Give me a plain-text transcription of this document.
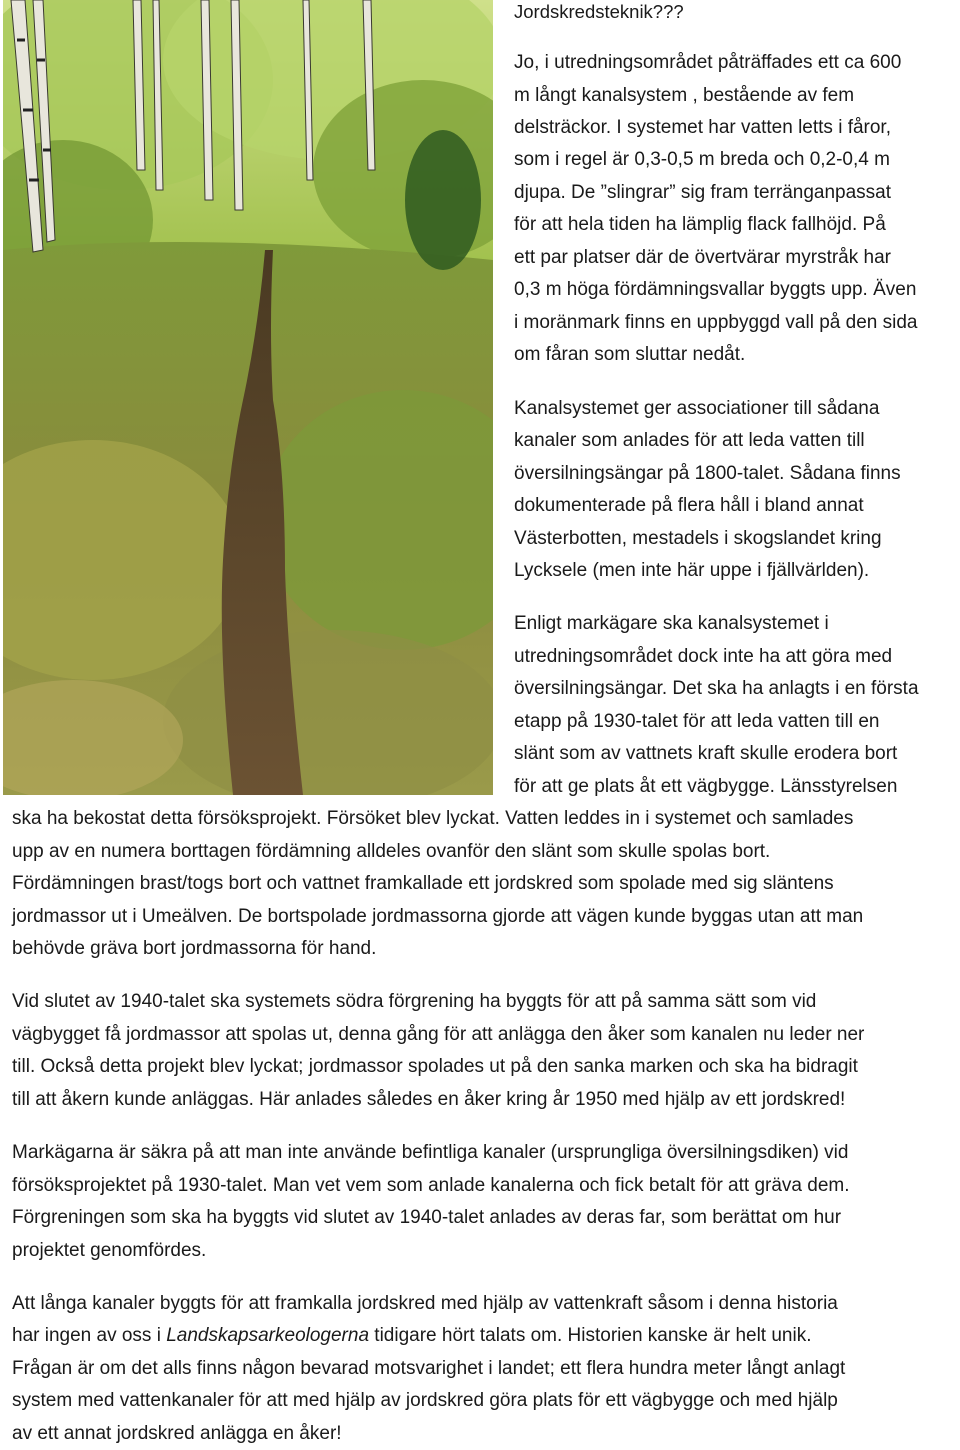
Jordskredsteknik???
Jo, i utredningsområdet påträffades ett ca 600
m långt kanalsystem , bestående av fem
delsträckor. I systemet har vatten letts i fåror,
som i regel är 0,3-0,5 m breda och 0,2-0,4 m
djupa. De ”slingrar” sig fram terränganpassat
för att hela tiden ha lämplig flack fallhöjd. På
ett par platser där de övertvärar myrstråk har
0,3 m höga fördämningsvallar byggts upp. Även
i moränmark finns en uppbyggd vall på den sida
om fåran som sluttar nedåt.
Kanalsystemet ger associationer till sådana
kanaler som anlades för att leda vatten till
översilningsängar på 1800-talet. Sådana finns
dokumenterade på flera håll i bland annat
Västerbotten, mestadels i skogslandet kring
Lycksele (men inte här uppe i fjällvärlden).
Enligt markägare ska kanalsystemet i
utredningsområdet dock inte ha att göra med
översilningsängar. Det ska ha anlagts i en första
etapp på 1930-talet för att leda vatten till en
slänt som av vattnets kraft skulle erodera bort
för att ge plats åt ett vägbygge. Länsstyrelsen
ska ha bekostat detta försöksprojekt. Försöket blev lyckat. Vatten leddes in i systemet och samlades
upp av en numera borttagen fördämning alldeles ovanför den slänt som skulle spolas bort.
Fördämningen brast/togs bort och vattnet framkallade ett jordskred som spolade med sig släntens
jordmassor ut i Umeälven. De bortspolade jordmassorna gjorde att vägen kunde byggas utan att man
behövde gräva bort jordmassorna för hand.
Vid slutet av 1940-talet ska systemets södra förgrening ha byggts för att på samma sätt som vid
vägbygget få jordmassor att spolas ut, denna gång för att anlägga den åker som kanalen nu leder ner
till. Också detta projekt blev lyckat; jordmassor spolades ut på den sanka marken och ska ha bidragit
till att åkern kunde anläggas. Här anlades således en åker kring år 1950 med hjälp av ett jordskred!
Markägarna är säkra på att man inte använde befintliga kanaler (ursprungliga översilningsdiken) vid
försöksprojektet på 1930-talet. Man vet vem som anlade kanalerna och fick betalt för att gräva dem.
Förgreningen som ska ha byggts vid slutet av 1940-talet anlades av deras far, som berättat om hur
projektet genomfördes.
Att långa kanaler byggts för att framkalla jordskred med hjälp av vattenkraft såsom i denna historia
har ingen av oss i Landskapsarkeologerna tidigare hört talats om. Historien kanske är helt unik.
Frågan är om det alls finns någon bevarad motsvarighet i landet; ett flera hundra meter långt anlagt
system med vattenkanaler för att med hjälp av jordskred göra plats för ett vägbygge och med hjälp
av ett annat jordskred anlägga en åker!
